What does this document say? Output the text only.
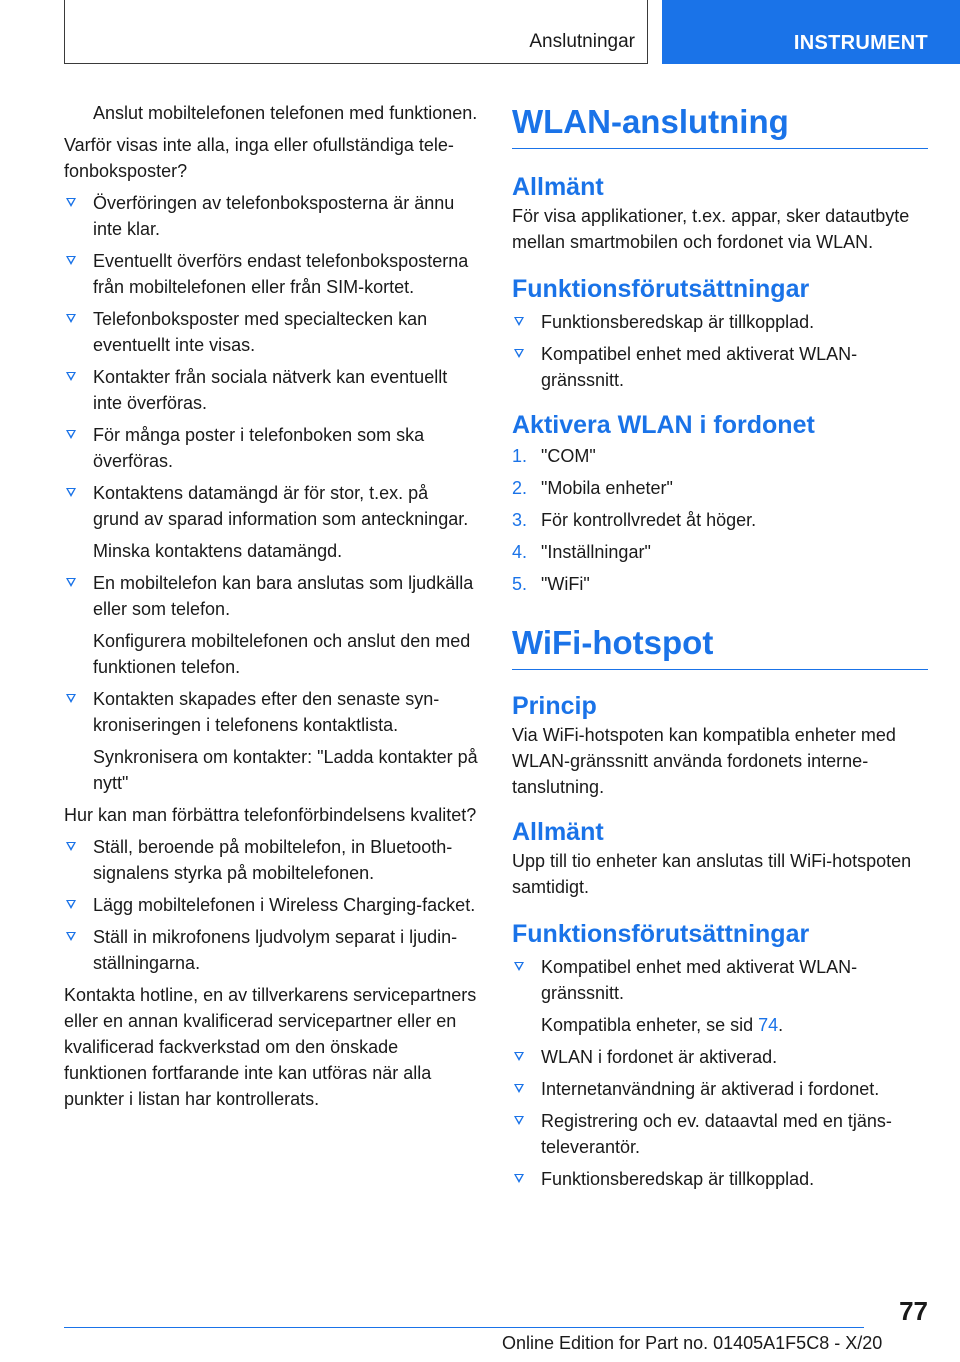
Anslutningar	INSTRUMENT

Anslut mobiltelefonen telefonen med funktionen.

Varför visas inte alla, inga eller ofullständiga telefonboksposter?

Överföringen av telefonboksposterna är ännu inte klar.
Eventuellt överförs endast telefonboksposterna från mobiltelefonen eller från SIM-kortet.
Telefonboksposter med specialtecken kan eventuellt inte visas.
Kontakter från sociala nätverk kan eventuellt inte överföras.
För många poster i telefonboken som ska överföras.
Kontaktens datamängd är för stor, t.ex. på grund av sparad information som anteckningar.

Minska kontaktens datamängd.

En mobiltelefon kan bara anslutas som ljudkälla eller som telefon.

Konfigurera mobiltelefonen och anslut den med funktionen telefon.

Kontakten skapades efter den senaste synkroniseringen i telefonens kontaktlista.

Synkronisera om kontakter: "Ladda kontakter på nytt"

Hur kan man förbättra telefonförbindelsens kvalitet?

Ställ, beroende på mobiltelefon, in Bluetooth-signalens styrka på mobiltelefonen.
Lägg mobiltelefonen i Wireless Charging-facket.
Ställ in mikrofonens ljudvolym separat i ljudinställningarna.

Kontakta hotline, en av tillverkarens servicepartners eller en annan kvalificerad servicepartner eller en kvalificerad fackverkstad om den önskade funktionen fortfarande inte kan utföras när alla punkter i listan har kontrollerats.

WLAN-anslutning
Allmänt

För visa applikationer, t.ex. appar, sker datautbyte mellan smartmobilen och fordonet via WLAN.

Funktionsförutsättningar
Funktionsberedskap är tillkopplad.
Kompatibel enhet med aktiverat WLAN-gränssnitt.
Aktivera WLAN i fordonet
1. "COM"
2. "Mobila enheter"
3. För kontrollvredet åt höger.
4. "Inställningar"
5. "WiFi"
WiFi-hotspot
Princip

Via WiFi-hotspoten kan kompatibla enheter med WLAN-gränssnitt använda fordonets internetanslutning.

Allmänt

Upp till tio enheter kan anslutas till WiFi-hotspoten samtidigt.

Funktionsförutsättningar
Kompatibel enhet med aktiverat WLAN-gränssnitt.

Kompatibla enheter, se sid 74.

WLAN i fordonet är aktiverad.
Internetanvändning är aktiverad i fordonet.
Registrering och ev. dataavtal med en tjänsteleverantör.
Funktionsberedskap är tillkopplad.
77
Online Edition for Part no. 01405A1F5C8 - X/20
